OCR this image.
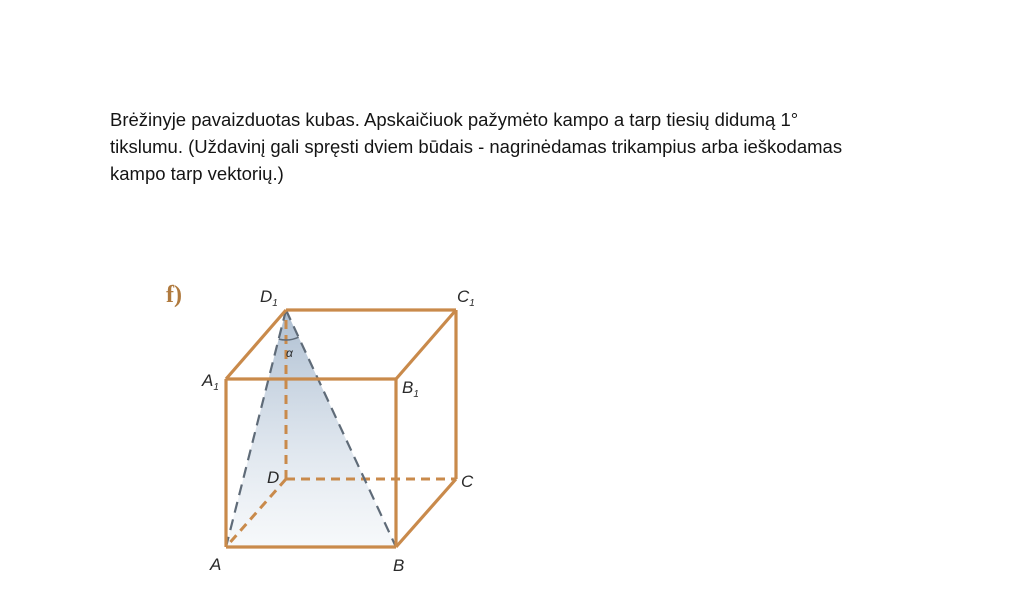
Brėžinyje pavaizduotas kubas. Apskaičiuok pažymėto kampo a tarp tiesių didumą 1°
tikslumu. (Uždavinį gali spręsti dviem būdais - nagrinėdamas trikampius arba ieškodamas
kampo tarp vektorių.)
f)	$D_1$	$C_1$
$A_1$	$B_1$
D	C
A	B
α
